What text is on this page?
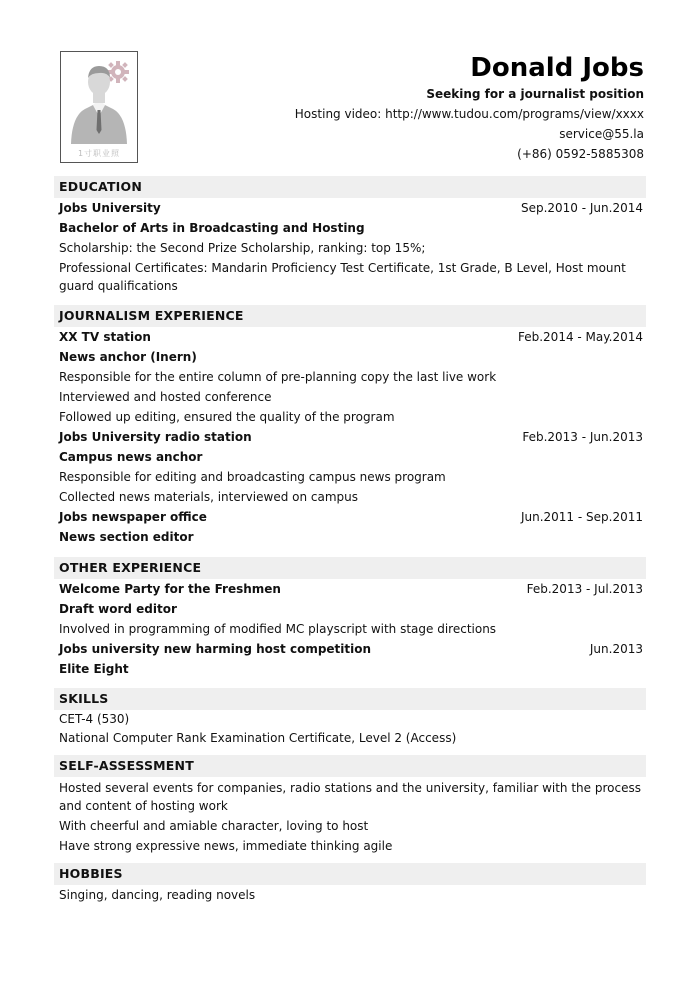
1寸职业照
Donald Jobs
Seeking for a journalist position
Hosting video: http://www.tudou.com/programs/view/xxxx
service@55.la
(+86) 0592-5885308
EDUCATION
Jobs University	Sep.2010 - Jun.2014
Bachelor of Arts in Broadcasting and Hosting
Scholarship: the Second Prize Scholarship, ranking: top 15%;
Professional Certificates: Mandarin Proficiency Test Certificate, 1st Grade, B Level, Host mount guard qualifications
JOURNALISM EXPERIENCE
XX TV station	Feb.2014 - May.2014
News anchor (Inern)
Responsible for the entire column of pre-planning copy the last live work
Interviewed and hosted conference
Followed up editing, ensured the quality of the program
Jobs University radio station	Feb.2013 - Jun.2013
Campus news anchor
Responsible for editing and broadcasting campus news program
Collected news materials, interviewed on campus
Jobs newspaper office	Jun.2011 - Sep.2011
News section editor
OTHER EXPERIENCE
Welcome Party for the Freshmen	Feb.2013 - Jul.2013
Draft word editor
Involved in programming of modified MC playscript with stage directions
Jobs university new harming host competition	Jun.2013
Elite Eight
SKILLS
CET-4 (530)
National Computer Rank Examination Certificate, Level 2 (Access)
SELF-ASSESSMENT
Hosted several events for companies, radio stations and the university, familiar with the process and content of hosting work
With cheerful and amiable character, loving to host
Have strong expressive news, immediate thinking agile
HOBBIES
Singing, dancing, reading novels
